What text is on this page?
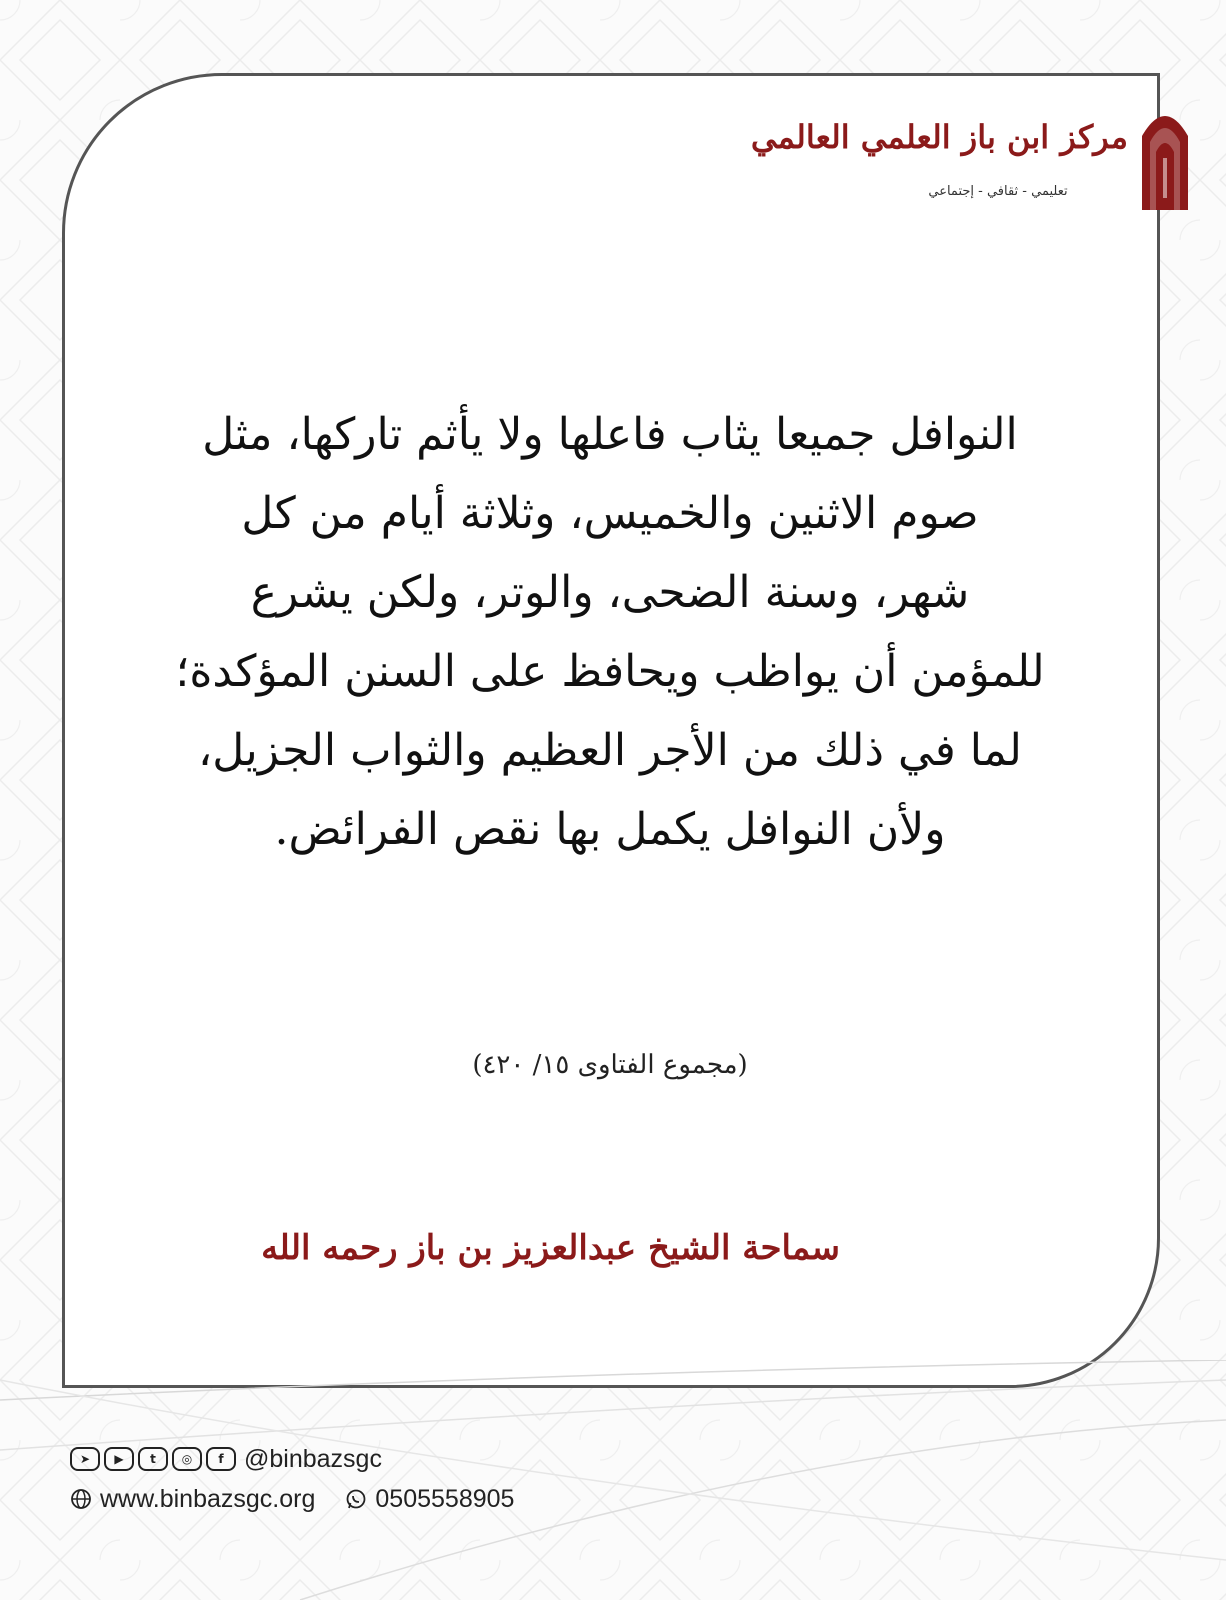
مركز ابن باز العلمي العالمي
تعليمي - ثقافي - إجتماعي
النوافل جميعا يثاب فاعلها ولا يأثم تاركها، مثل
صوم الاثنين والخميس، وثلاثة أيام من كل
شهر، وسنة الضحى، والوتر، ولكن يشرع
للمؤمن أن يواظب ويحافظ على السنن المؤكدة؛
لما في ذلك من الأجر العظيم والثواب الجزيل،
ولأن النوافل يكمل بها نقص الفرائض.
(مجموع الفتاوى ١٥/ ٤٢٠)
سماحة الشيخ عبدالعزيز بن باز رحمه الله
➤	▶	t	◎	f @binbazsgc
www.binbazsgc.org 0505558905
